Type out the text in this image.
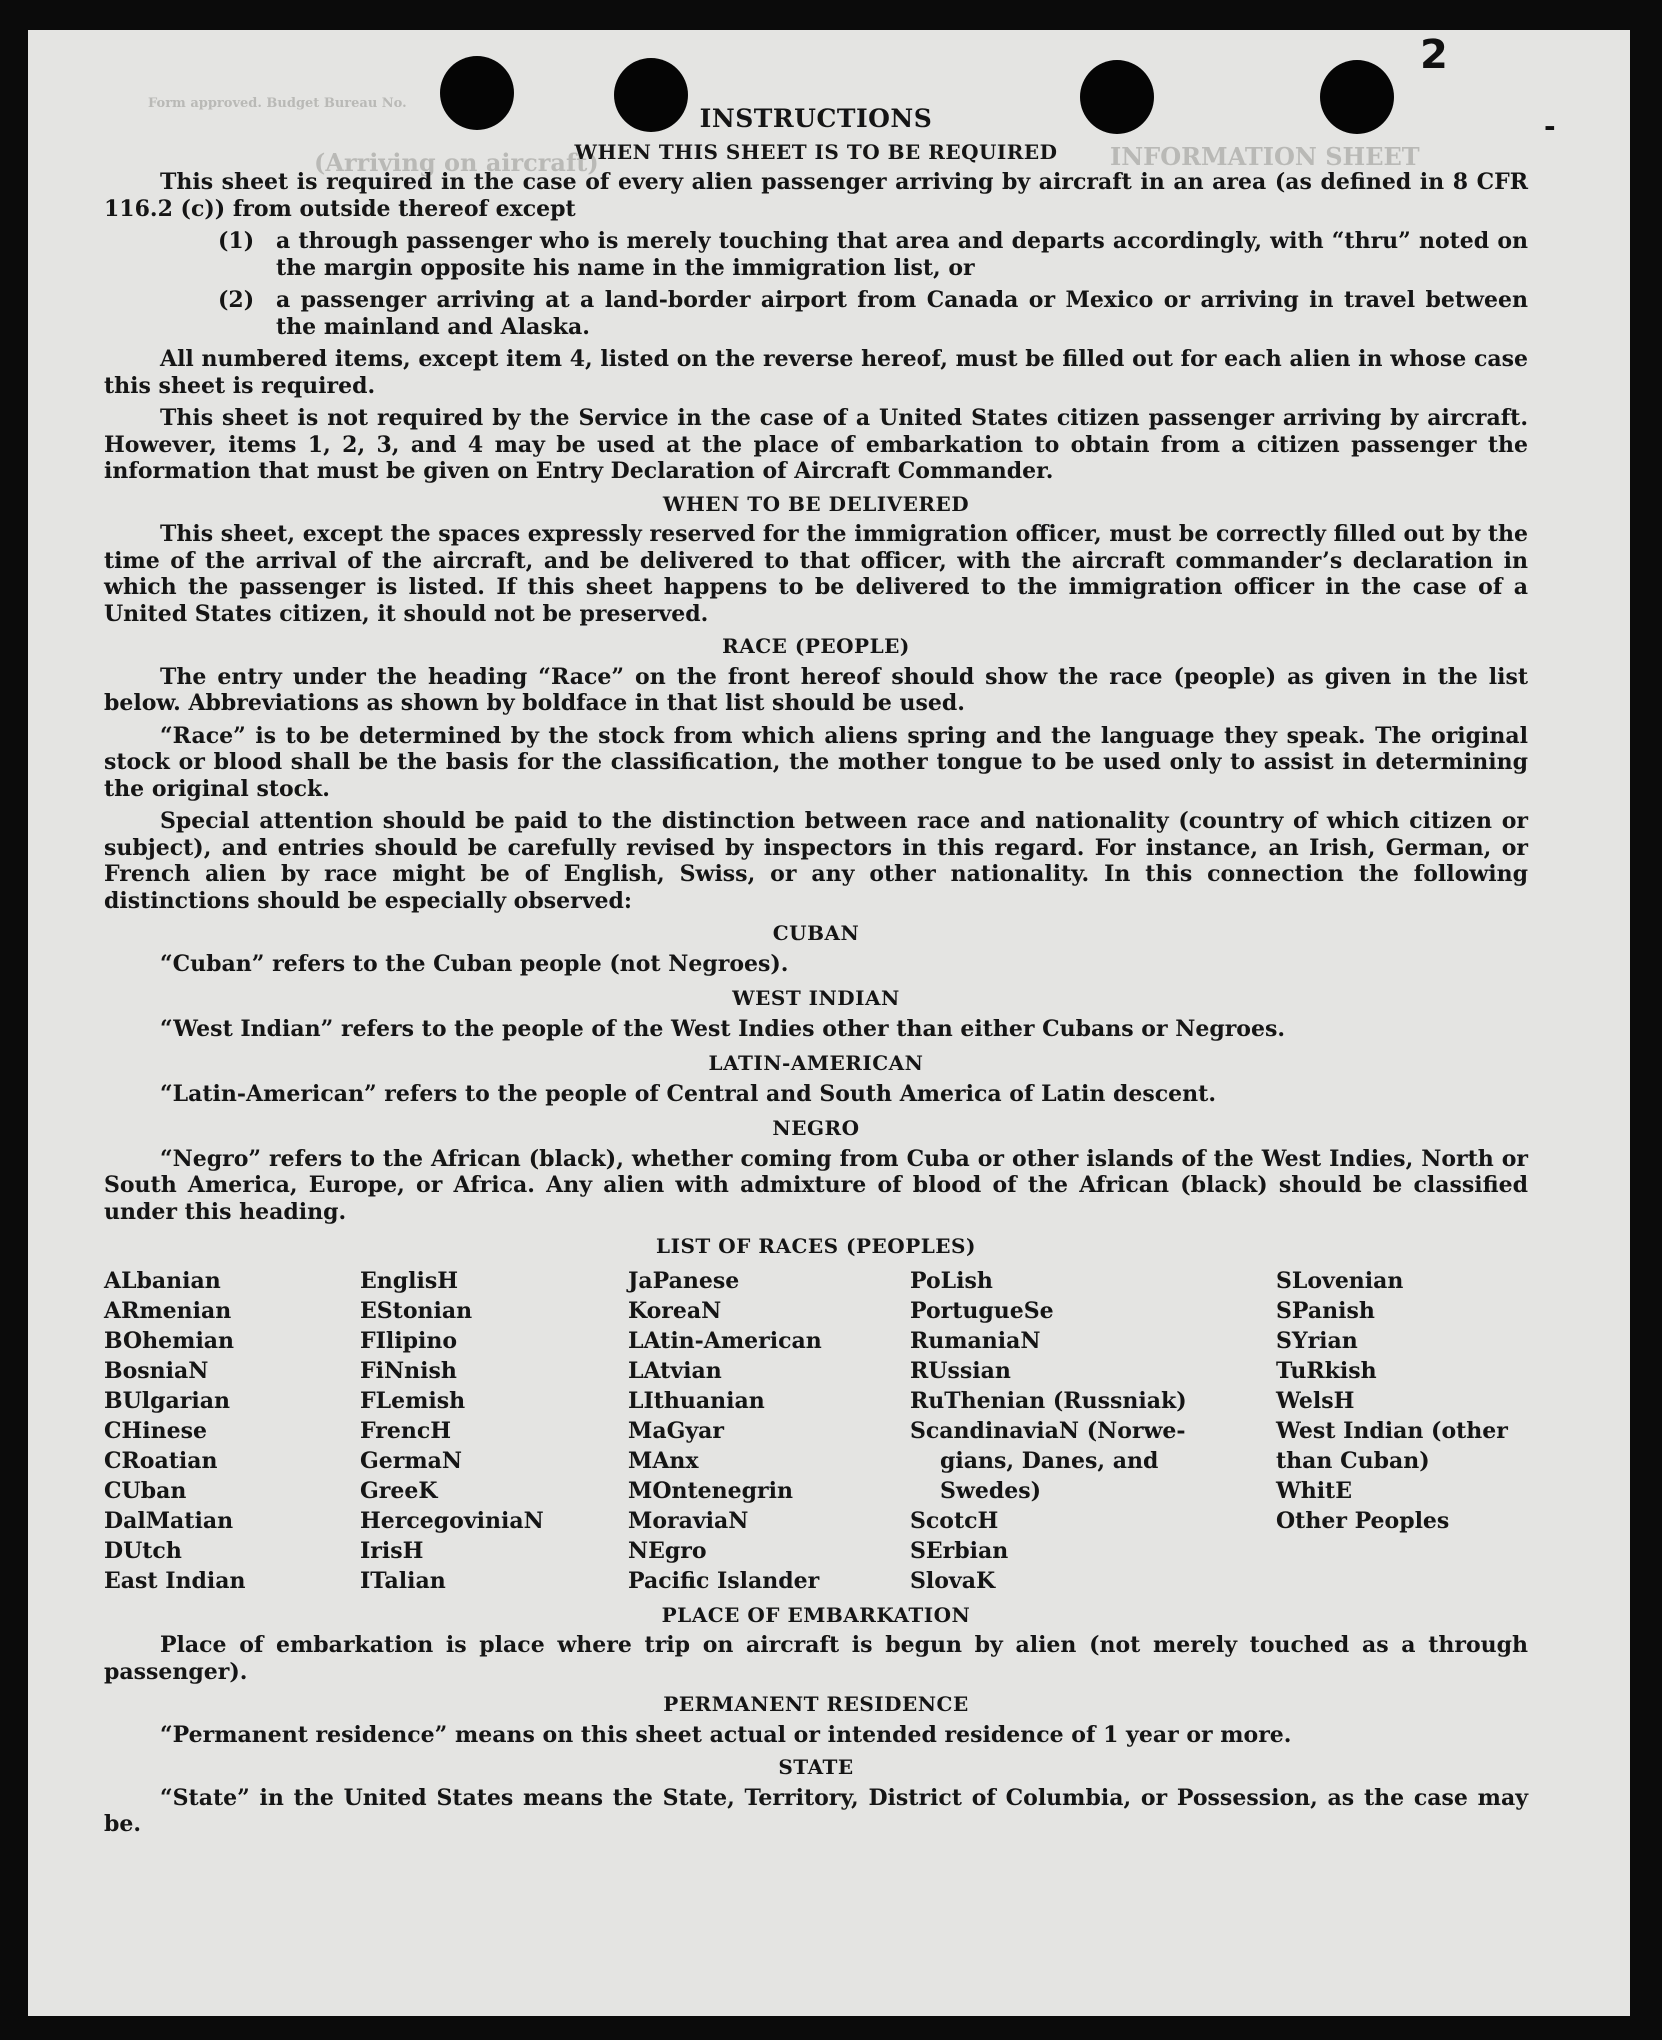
2
-
Form approved. Budget Bureau No.
INFORMATION SHEET
(Arriving on aircraft)
INSTRUCTIONS
WHEN THIS SHEET IS TO BE REQUIRED

This sheet is required in the case of every alien passenger arriving by aircraft in an area (as defined in 8 CFR 116.2 (c)) from outside thereof except

(1) a through passenger who is merely touching that area and departs accordingly, with “thru” noted on the margin opposite his name in the immigration list, or
(2) a passenger arriving at a land-border airport from Canada or Mexico or arriving in travel between the mainland and Alaska.

All numbered items, except item 4, listed on the reverse hereof, must be filled out for each alien in whose case this sheet is required.

This sheet is not required by the Service in the case of a United States citizen passenger arriving by aircraft. However, items 1, 2, 3, and 4 may be used at the place of embarkation to obtain from a citizen passenger the information that must be given on Entry Declaration of Aircraft Commander.

WHEN TO BE DELIVERED

This sheet, except the spaces expressly reserved for the immigration officer, must be correctly filled out by the time of the arrival of the aircraft, and be delivered to that officer, with the aircraft commander’s declaration in which the passenger is listed. If this sheet happens to be delivered to the immigration officer in the case of a United States citizen, it should not be preserved.

RACE (PEOPLE)

The entry under the heading “Race” on the front hereof should show the race (people) as given in the list below. Abbreviations as shown by boldface in that list should be used.

“Race” is to be determined by the stock from which aliens spring and the language they speak. The original stock or blood shall be the basis for the classification, the mother tongue to be used only to assist in determining the original stock.

Special attention should be paid to the distinction between race and nationality (country of which citizen or subject), and entries should be carefully revised by inspectors in this regard. For instance, an Irish, German, or French alien by race might be of English, Swiss, or any other nationality. In this connection the following distinctions should be especially observed:

CUBAN

“Cuban” refers to the Cuban people (not Negroes).

WEST INDIAN

“West Indian” refers to the people of the West Indies other than either Cubans or Negroes.

LATIN-AMERICAN

“Latin-American” refers to the people of Central and South America of Latin descent.

NEGRO

“Negro” refers to the African (black), whether coming from Cuba or other islands of the West Indies, North or South America, Europe, or Africa. Any alien with admixture of blood of the African (black) should be classified under this heading.

LIST OF RACES (PEOPLES)
ALbanian
ARmenian
BOhemian
BosniaN
BUlgarian
CHinese
CRoatian
CUban
DalMatian
DUtch
East Indian
EnglisH
EStonian
FIlipino
FiNnish
FLemish
FrencH
GermaN
GreeK
HercegoviniaN
IrisH
ITalian
JaPanese
KoreaN
LAtin-American
LAtvian
LIthuanian
MaGyar
MAnx
MOntenegrin
MoraviaN
NEgro
Pacific Islander
PoLish
PortugueSe
RumaniaN
RUssian
RuThenian (Russniak)
ScandinaviaN (Norwe-
gians, Danes, and
Swedes)
ScotcH
SErbian
SlovaK
SLovenian
SPanish
SYrian
TuRkish
WelsH
West Indian (other
than Cuban)
WhitE
Other Peoples
PLACE OF EMBARKATION

Place of embarkation is place where trip on aircraft is begun by alien (not merely touched as a through passenger).

PERMANENT RESIDENCE

“Permanent residence” means on this sheet actual or intended residence of 1 year or more.

STATE

“State” in the United States means the State, Territory, District of Columbia, or Possession, as the case may be.
